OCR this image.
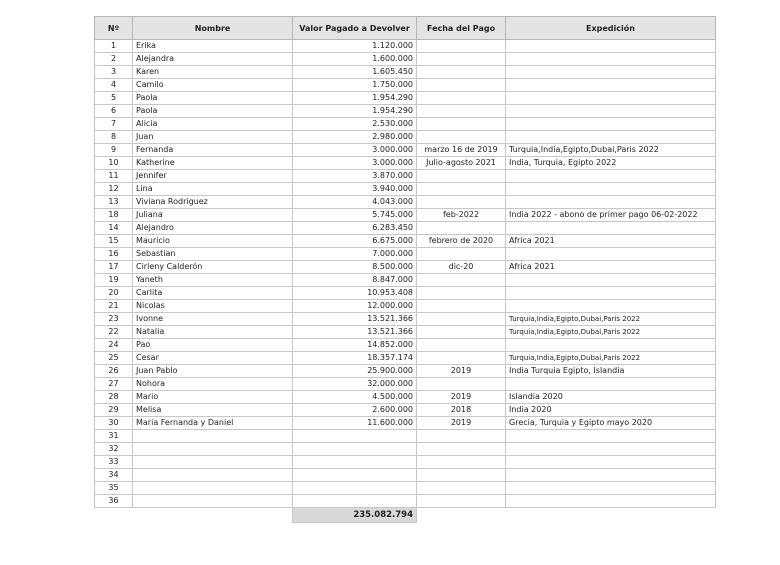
Nº	Nombre	Valor Pagado a Devolver	Fecha del Pago	Expedición
1	Erika	1.120.000		
2	Alejandra	1.600.000		
3	Karen	1.605.450		
4	Camilo	1.750.000		
5	Paola	1.954.290		
6	Paola	1.954.290		
7	Alicia	2.530.000		
8	Juan	2.980.000		
9	Fernanda	3.000.000	marzo 16 de 2019	Turquia,India,Egipto,Dubai,Paris 2022
10	Katherine	3.000.000	Julio-agosto 2021	India, Turquia, Egipto 2022
11	Jennifer	3.870.000		
12	Lina	3.940.000		
13	Viviana Rodriguez	4.043.000		
18	Juliana	5.745.000	feb-2022	India 2022 - abono de primer pago 06-02-2022
14	Alejandro	6.283.450		
15	Mauricio	6.675.000	febrero de 2020	Africa 2021
16	Sebastian	7.000.000		
17	Cirleny Calderón	8.500.000	dic-20	Africa 2021
19	Yaneth	8.847.000		
20	Carlita	10.953.408		
21	Nicolas	12.000.000		
23	Ivonne	13.521.366		Turquia,India,Egipto,Dubai,Paris 2022
22	Natalia	13.521.366		Turquia,India,Egipto,Dubai,Paris 2022
24	Pao	14.852.000		
25	Cesar	18.357.174		Turquia,India,Egipto,Dubai,Paris 2022
26	Juan Pablo	25.900.000	2019	India Turquia Egipto, Islandia
27	Nohora	32.000.000		
28	Mario	4.500.000	2019	Islandia 2020
29	Melisa	2.600.000	2018	India 2020
30	Maria Fernanda y Daniel	11.600.000	2019	Grecia, Turquia y Egipto mayo 2020
31				
32				
33				
34				
35				
36				
		235.082.794		
